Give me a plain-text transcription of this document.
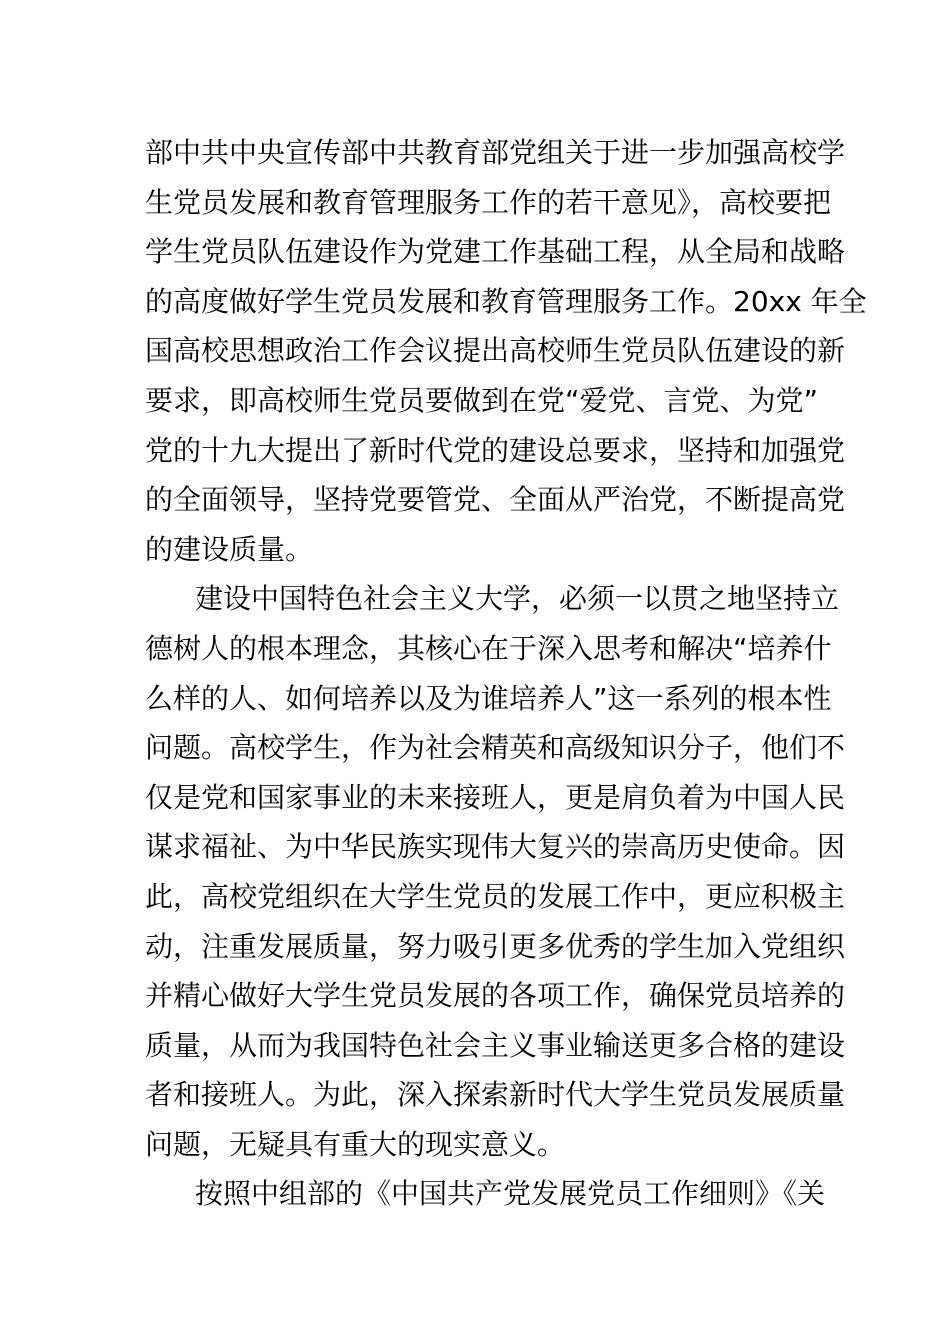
部中共中央宣传部中共教育部党组关于进一步加强高校学
生党员发展和教育管理服务工作的若干意见》，高校要把
学生党员队伍建设作为党建工作基础工程，从全局和战略
的高度做好学生党员发展和教育管理服务工作。20xx 年全
国高校思想政治工作会议提出高校师生党员队伍建设的新
要求，即高校师生党员要做到在党“爱党、言党、为党”
党的十九大提出了新时代党的建设总要求，坚持和加强党
的全面领导，坚持党要管党、全面从严治党，不断提高党
的建设质量。
建设中国特色社会主义大学，必须一以贯之地坚持立
德树人的根本理念，其核心在于深入思考和解决“培养什
么样的人、如何培养以及为谁培养人”这一系列的根本性
问题。高校学生，作为社会精英和高级知识分子，他们不
仅是党和国家事业的未来接班人，更是肩负着为中国人民
谋求福祉、为中华民族实现伟大复兴的崇高历史使命。因
此，高校党组织在大学生党员的发展工作中，更应积极主
动，注重发展质量，努力吸引更多优秀的学生加入党组织
并精心做好大学生党员发展的各项工作，确保党员培养的
质量，从而为我国特色社会主义事业输送更多合格的建设
者和接班人。为此，深入探索新时代大学生党员发展质量
问题，无疑具有重大的现实意义。
按照中组部的《中国共产党发展党员工作细则》《关
